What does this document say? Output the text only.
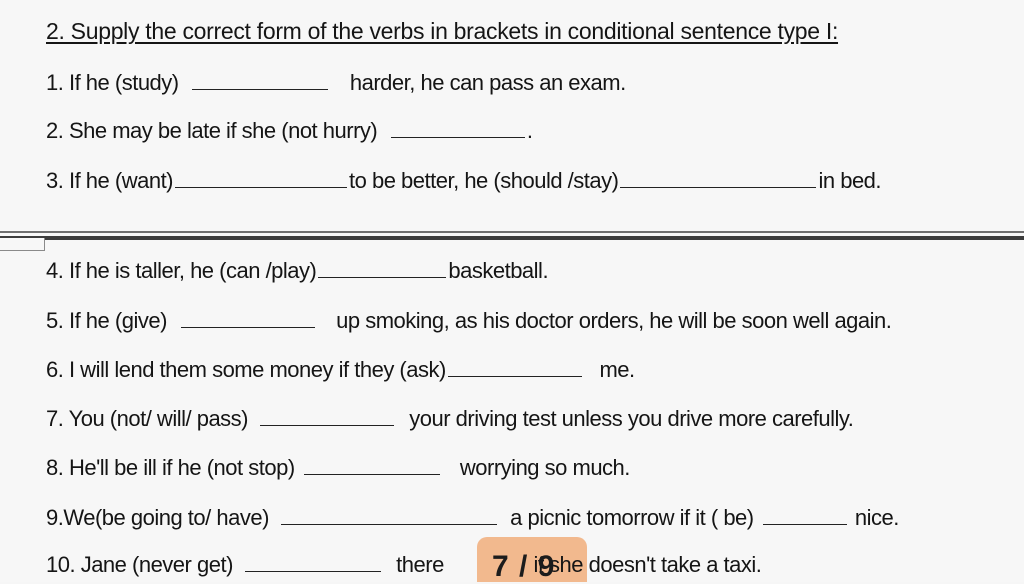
2. Supply the correct form of the verbs in brackets in conditional sentence type I:
1. If he (study)	harder, he can pass an exam.
2. She may be late if she (not hurry)	.
3. If he (want)	to be better, he (should /stay)	in bed.
4. If he is taller, he (can /play)	basketball.
5. If he (give)	up smoking, as his doctor orders, he will be soon well again.
6. I will lend them some money if they (ask)	me.
7. You (not/ will/ pass)	your driving test unless you drive more carefully.
8. He'll be ill if he (not stop)	worrying so much.
9.We(be going to/ have)	a picnic tomorrow if it ( be)	nice.
10. Jane (never get)	there	if she doesn't take a taxi.
7 / 9
